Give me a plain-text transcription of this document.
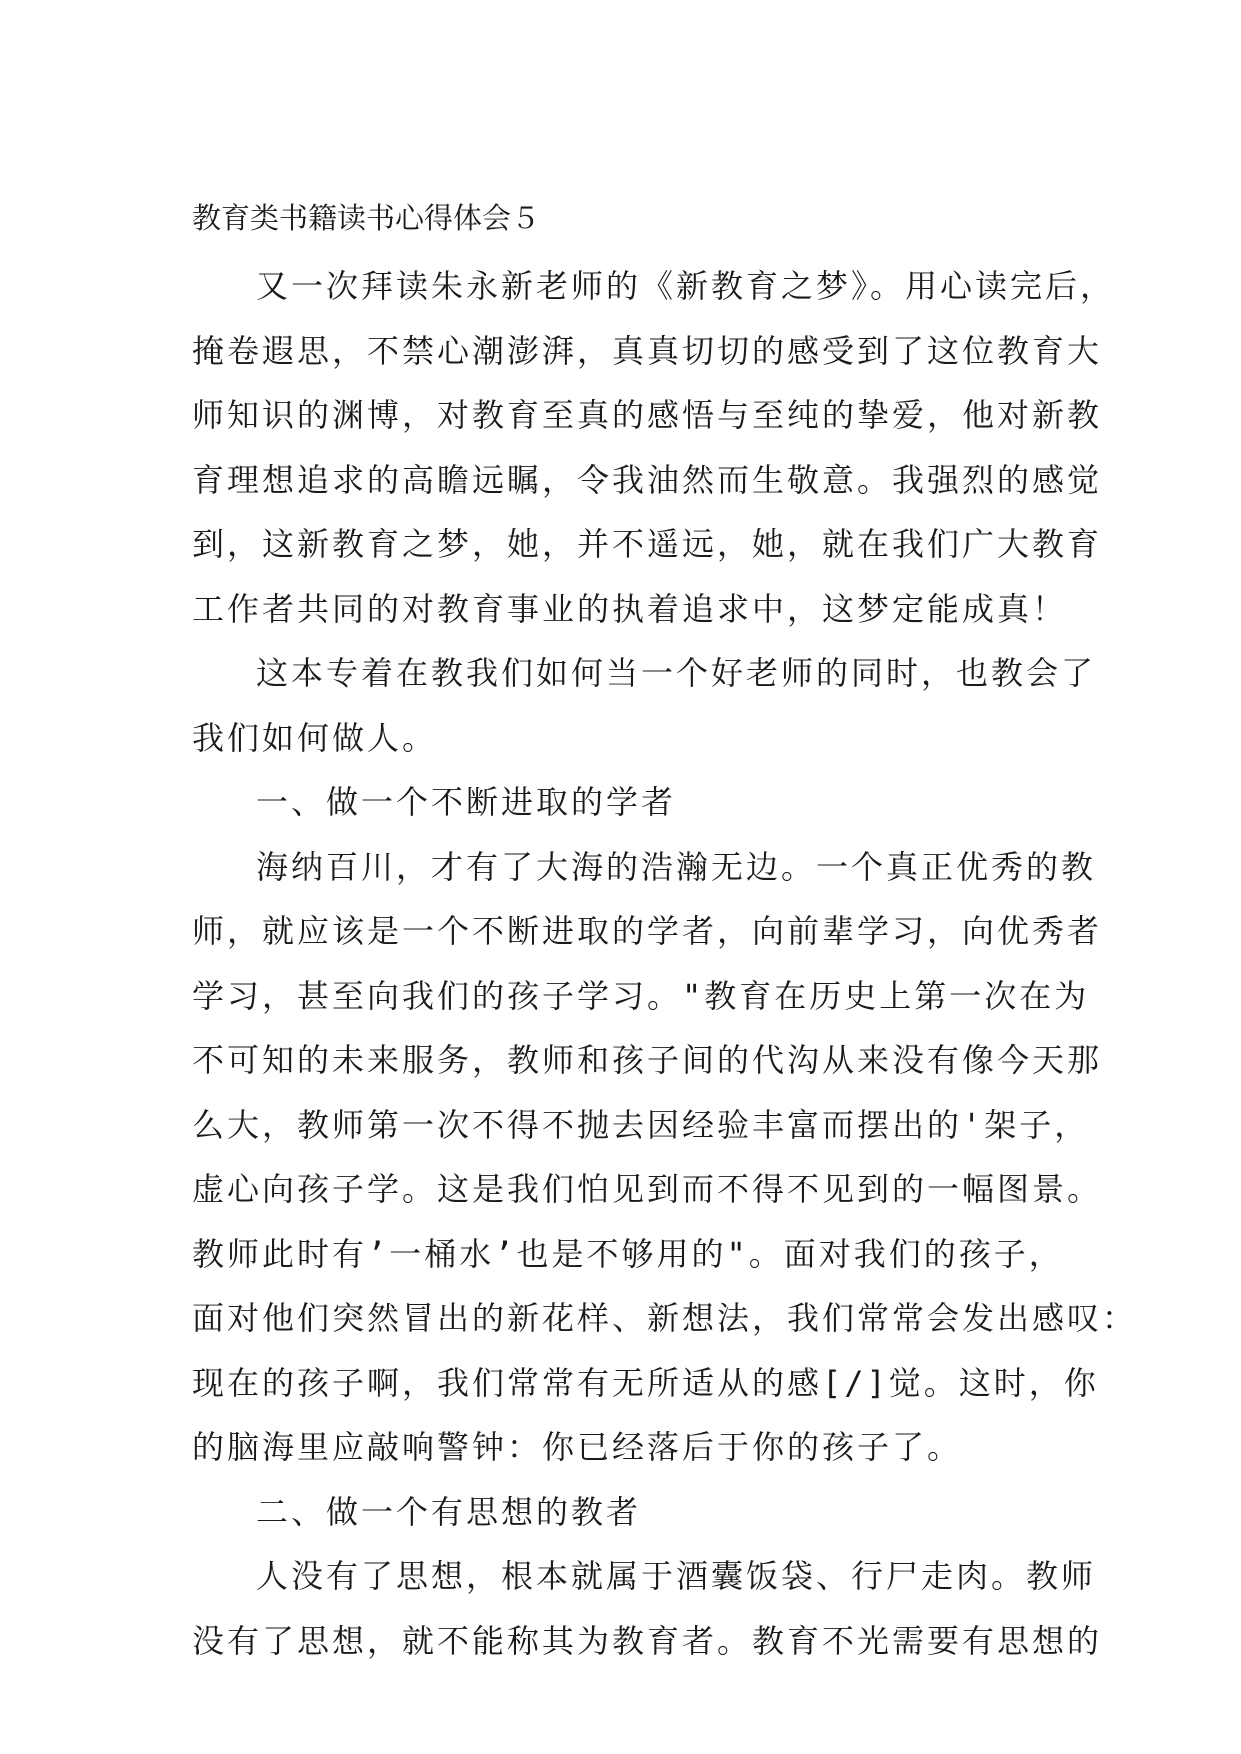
教育类书籍读书心得体会５
又一次拜读朱永新老师的《新教育之梦》。用心读完后，
掩卷遐思，不禁心潮澎湃，真真切切的感受到了这位教育大
师知识的渊博，对教育至真的感悟与至纯的挚爱，他对新教
育理想追求的高瞻远瞩，令我油然而生敬意。我强烈的感觉
到，这新教育之梦，她，并不遥远，她，就在我们广大教育
工作者共同的对教育事业的执着追求中，这梦定能成真！
这本专着在教我们如何当一个好老师的同时，也教会了
我们如何做人。
一、做一个不断进取的学者
海纳百川，才有了大海的浩瀚无边。一个真正优秀的教
师，就应该是一个不断进取的学者，向前辈学习，向优秀者
学习，甚至向我们的孩子学习。"教育在历史上第一次在为
不可知的未来服务，教师和孩子间的代沟从来没有像今天那
么大，教师第一次不得不抛去因经验丰富而摆出的'架子，
虚心向孩子学。这是我们怕见到而不得不见到的一幅图景。
教师此时有’一桶水’也是不够用的"。面对我们的孩子，
面对他们突然冒出的新花样、新想法，我们常常会发出感叹：
现在的孩子啊，我们常常有无所适从的感[/]觉。这时，你
的脑海里应敲响警钟：你已经落后于你的孩子了。
二、做一个有思想的教者
人没有了思想，根本就属于酒囊饭袋、行尸走肉。教师
没有了思想，就不能称其为教育者。教育不光需要有思想的
